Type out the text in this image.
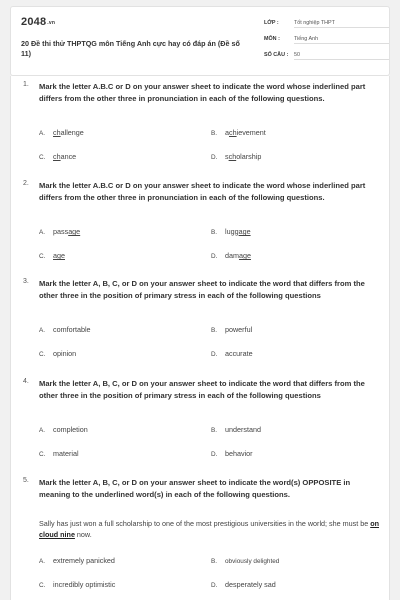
2048.vn
20 Đề thi thử THPTQG môn Tiếng Anh cực hay có đáp án (Đề số 11)
LỚP :	Tốt nghiệp THPT
MÔN :	Tiếng Anh
SỐ CÂU :	50
1. Mark the letter A.B.C or D on your answer sheet to indicate the word whose inderlined part differs from the other three in pronunciation in each of the following questions.
A. challenge	B. achievement
C. chance	D. scholarship
2. Mark the letter A.B.C or D on your answer sheet to indicate the word whose inderlined part differs from the other three in pronunciation in each of the following questions.
A. passage	B. luggage
C. age	D. damage
3. Mark the letter A, B, C, or D on your answer sheet to indicate the word that differs from the other three in the position of primary stress in each of the following questions
A. comfortable	B. powerful
C. opinion	D. accurate
4. Mark the letter A, B, C, or D on your answer sheet to indicate the word that differs from the other three in the position of primary stress in each of the following questions
A. completion	B. understand
C. material	D. behavior
5. Mark the letter A, B, C, or D on your answer sheet to indicate the word(s) OPPOSITE in meaning to the underlined word(s) in each of the following questions.
Sally has just won a full scholarship to one of the most prestigious universities in the world; she must be on cloud nine now.
A. extremely panicked	B. obviously delighted
C. incredibly optimistic	D. desperately sad
